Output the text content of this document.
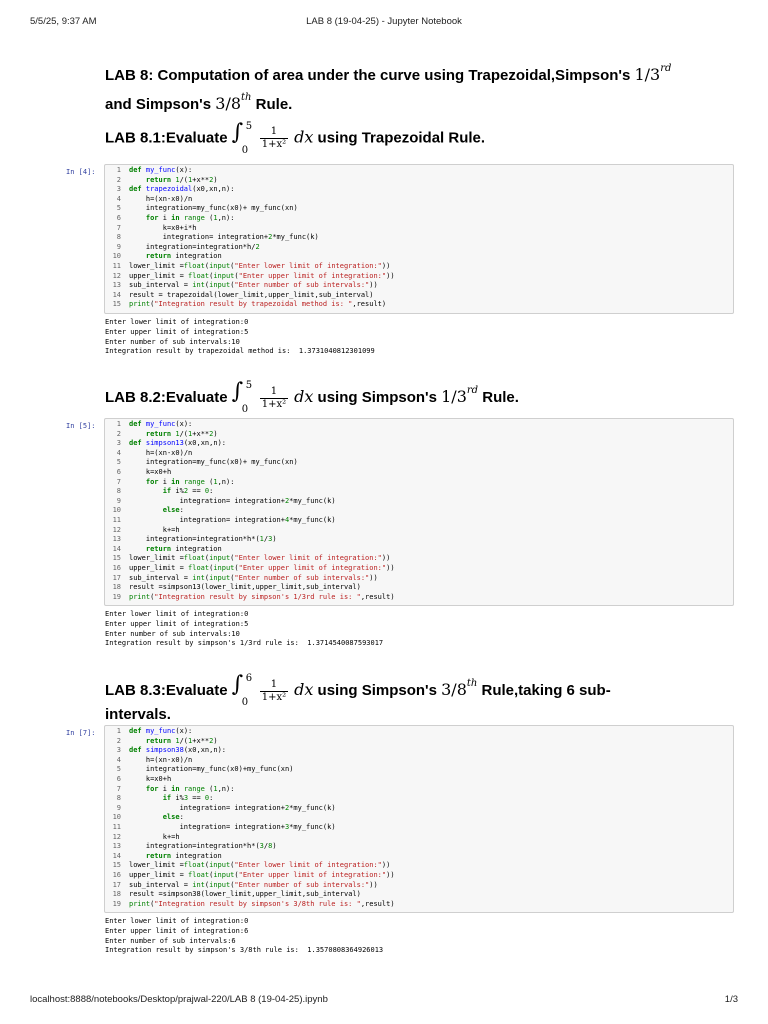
5/5/25, 9:37 AM	LAB 8 (19-04-25) - Jupyter Notebook
LAB 8: Computation of area under the curve using Trapezoidal,Simpson's 1/3rd
and Simpson's 3/8th Rule.
LAB 8.1:Evaluate ∫ 5
$0 \frac{1}{\text{1+x²}}$ dx using Trapezoidal Rule.
In [4]:	1 def my_func(x):
2	return 1/(1+x**2)
3 def trapezoidal(x0,xn,n):
4	h=(xn-x0)/n
5	integration=my_func(x0)+ my_func(xn)
6	for i in range (1,n):
7	k=x0+i*h
8	integration= integration+2*my_func(k)
9	integration=integration*h/2
10	return integration
11 lower_limit =float(input("Enter lower limit of integration:"))
12 upper_limit = float(input("Enter upper limit of integration:"))
13 sub_interval = int(input("Enter number of sub intervals:"))
14 result = trapezoidal(lower_limit,upper_limit,sub_interval)
15 print("Integration result by trapezoidal method is: ",result)
Enter lower limit of integration:0
Enter upper limit of integration:5
Enter number of sub intervals:10
Integration result by trapezoidal method is:  1.3731040812301099
LAB 8.2:Evaluate ∫ 5
$0 \frac{1}{\text{1+x²}}$ dx using Simpson's 1/3rd Rule.
In [5]:	1 def my_func(x):
2	return 1/(1+x**2)
3 def simpson13(x0,xn,n):
4	h=(xn-x0)/n
5	integration=my_func(x0)+ my_func(xn)
6	k=x0+h
7	for i in range (1,n):
8	if i%2 == 0:
9	integration= integration+2*my_func(k)
10	else:
11	integration= integration+4*my_func(k)
12	k+=h
13	integration=integration*h*(1/3)
14	return integration
15 lower_limit =float(input("Enter lower limit of integration:"))
16 upper_limit = float(input("Enter upper limit of integration:"))
17 sub_interval = int(input("Enter number of sub intervals:"))
18 result =simpson13(lower_limit,upper_limit,sub_interval)
19 print("Integration result by simpson's 1/3rd rule is: ",result)
Enter lower limit of integration:0
Enter upper limit of integration:5
Enter number of sub intervals:10
Integration result by simpson's 1/3rd rule is:  1.3714540087593017
LAB 8.3:Evaluate ∫ 6
$0 \frac{1}{\text{1+x²}}$ dx using Simpson's 3/8th Rule,taking 6 sub-
intervals.
In [7]:	1 def my_func(x):
2	return 1/(1+x**2)
3 def simpson38(x0,xn,n):
4	h=(xn-x0)/n
5	integration=my_func(x0)+my_func(xn)
6	k=x0+h
7	for i in range (1,n):
8	if i%3 == 0:
9	integration= integration+2*my_func(k)
10	else:
11	integration= integration+3*my_func(k)
12	k+=h
13	integration=integration*h*(3/8)
14	return integration
15 lower_limit =float(input("Enter lower limit of integration:"))
16 upper_limit = float(input("Enter upper limit of integration:"))
17 sub_interval = int(input("Enter number of sub intervals:"))
18 result =simpson38(lower_limit,upper_limit,sub_interval)
19 print("Integration result by simpson's 3/8th rule is: ",result)
Enter lower limit of integration:0
Enter upper limit of integration:6
Enter number of sub intervals:6
Integration result by simpson's 3/8th rule is:  1.3570808364926013
localhost:8888/notebooks/Desktop/prajwal-220/LAB 8 (19-04-25).ipynb	1/3
